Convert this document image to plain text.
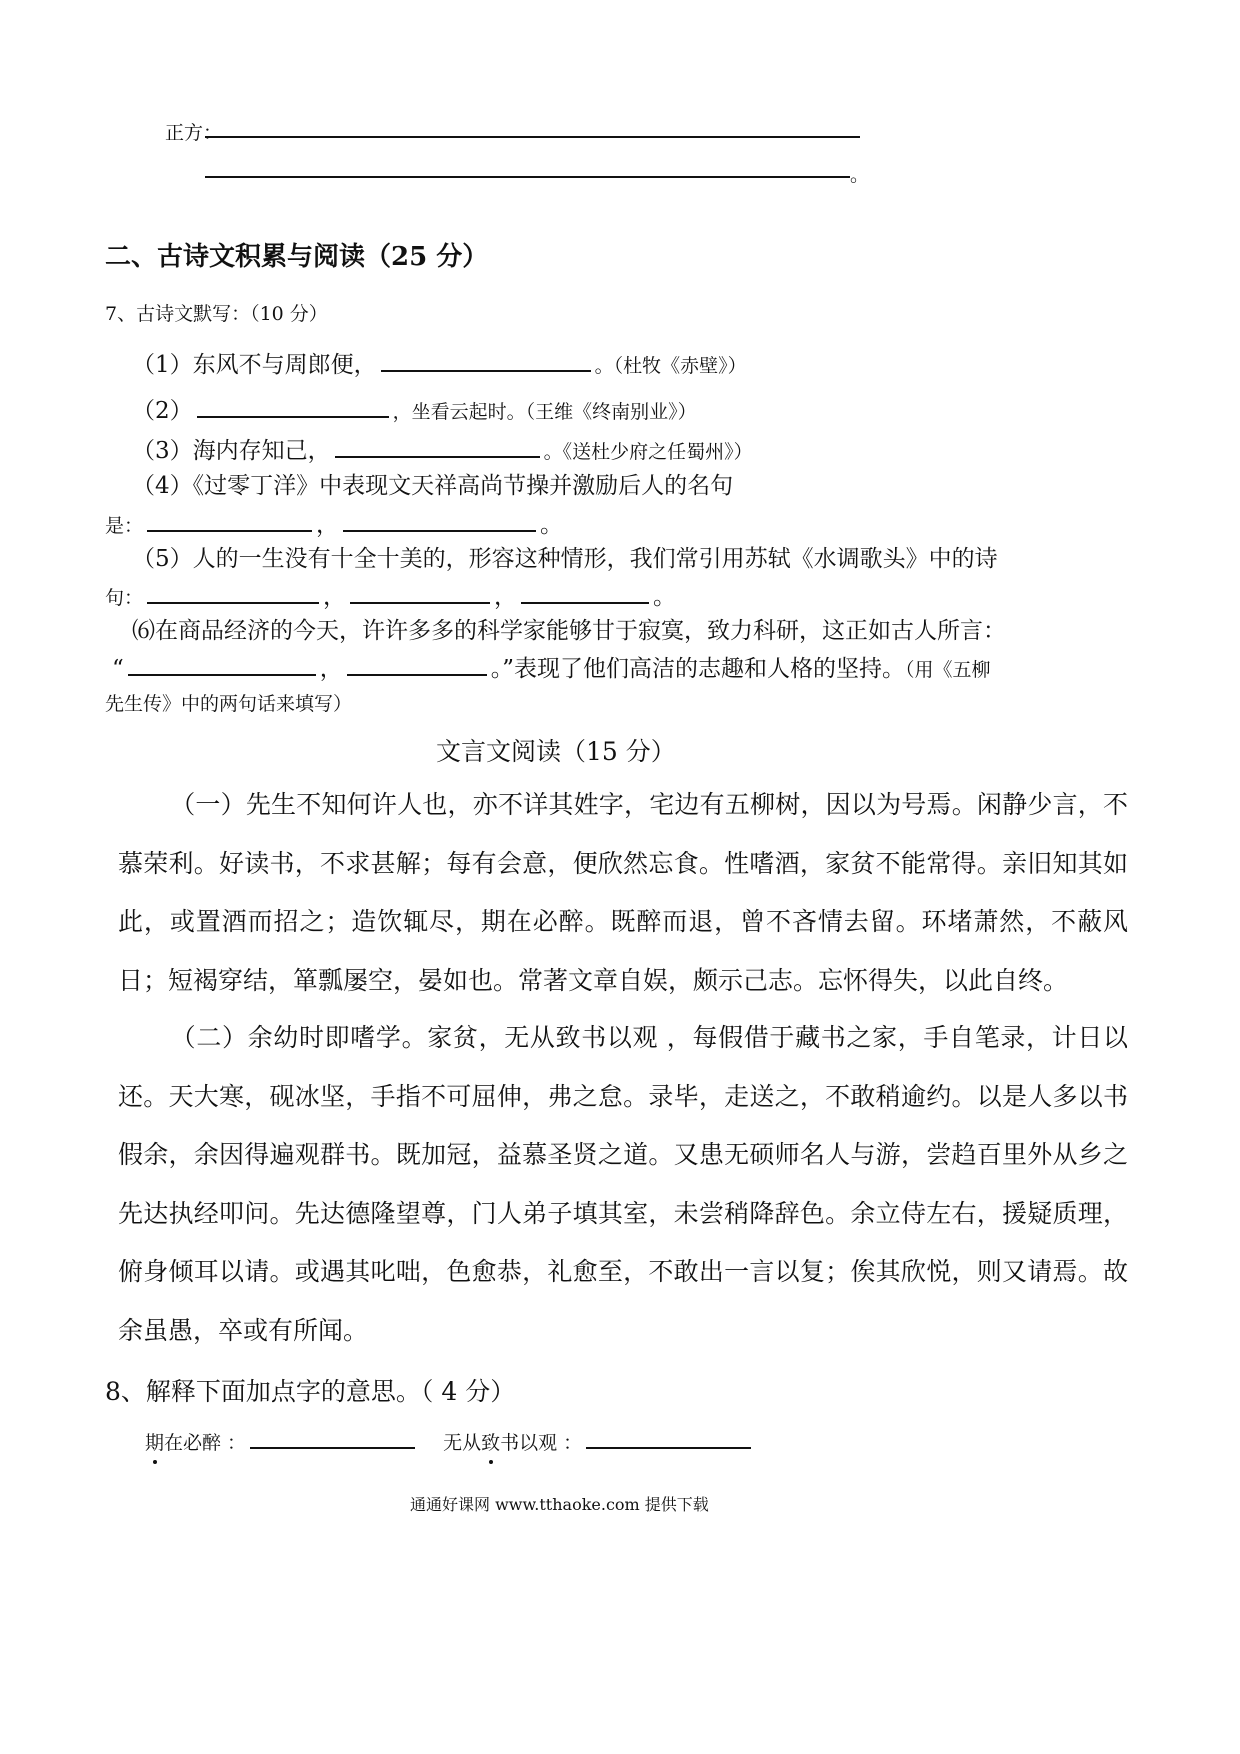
正方：
。
二、古诗文积累与阅读（25 分）
7、古诗文默写：（10 分）
（1）东风不与周郎便，	。（杜牧《赤壁》）
（2）	，坐看云起时。（王维《终南别业》）
（3）海内存知己，	。《送杜少府之任蜀州》）
（4）《过零丁洋》中表现文天祥高尚节操并激励后人的名句
是：	，	。
（5）人的一生没有十全十美的，形容这种情形，我们常引用苏轼《水调歌头》中的诗
句：	，	，	。
⑹在商品经济的今天，许许多多的科学家能够甘于寂寞，致力科研，这正如古人所言：
“	，	。”表现了他们高洁的志趣和人格的坚持。（用《五柳
先生传》中的两句话来填写）
文言文阅读（15 分）
（一）先生不知何许人也，亦不详其姓字，宅边有五柳树，因以为号焉。闲静少言，不慕荣利。好读书，不求甚解；每有会意，便欣然忘食。性嗜酒，家贫不能常得。亲旧知其如此，或置酒而招之；造饮辄尽，期在必醉。既醉而退，曾不吝情去留。环堵萧然，不蔽风日；短褐穿结，箪瓢屡空，晏如也。常著文章自娱，颇示己志。忘怀得失，以此自终。
（二）余幼时即嗜学。家贫，无从致书以观 ，每假借于藏书之家，手自笔录，计日以还。天大寒，砚冰坚，手指不可屈伸，弗之怠。录毕，走送之，不敢稍逾约。以是人多以书假余，余因得遍观群书。既加冠，益慕圣贤之道。又患无硕师名人与游，尝趋百里外从乡之先达执经叩问。先达德隆望尊，门人弟子填其室，未尝稍降辞色。余立侍左右，援疑质理，俯身倾耳以请。或遇其叱咄，色愈恭，礼愈至，不敢出一言以复；俟其欣悦，则又请焉。故余虽愚，卒或有所闻。
8、解释下面加点字的意思。（ 4 分）
期在必醉 ：	无从致书以观 ：
通通好课网 www.tthaoke.com 提供下载
